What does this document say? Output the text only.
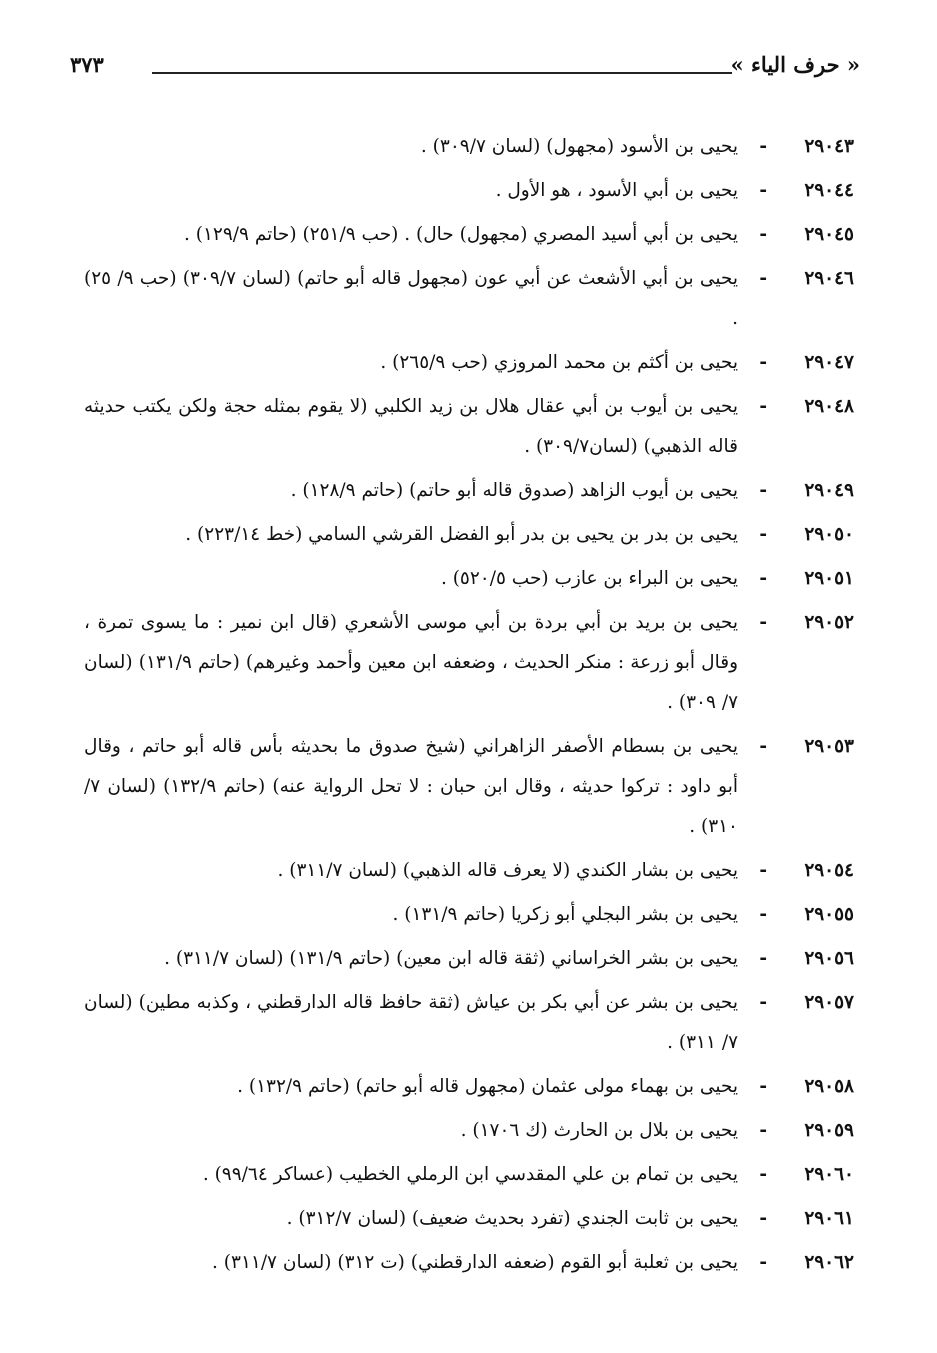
« حرف الياء »
٣٧٣
٢٩٠٤٣
-
يحيى بن الأسود (مجهول) (لسان ٣٠٩/٧) .
٢٩٠٤٤
-
يحيى بن أبي الأسود ، هو الأول .
٢٩٠٤٥
-
يحيى بن أبي أسيد المصري (مجهول) حال) . (حب ٢٥١/٩) (حاتم ١٢٩/٩) .
٢٩٠٤٦
-
يحيى بن أبي الأشعث عن أبي عون (مجهول قاله أبو حاتم) (لسان ٣٠٩/٧) (حب ٩/ ٢٥) .
٢٩٠٤٧
-
يحيى بن أكثم بن محمد المروزي (حب ٢٦٥/٩) .
٢٩٠٤٨
-
يحيى بن أيوب بن أبي عقال هلال بن زيد الكلبي (لا يقوم بمثله حجة ولكن يكتب حديثه قاله الذهبي) (لسان٣٠٩/٧) .
٢٩٠٤٩
-
يحيى بن أيوب الزاهد (صدوق قاله أبو حاتم) (حاتم ١٢٨/٩) .
٢٩٠٥٠
-
يحيى بن بدر بن يحيى بن بدر أبو الفضل القرشي السامي (خط ٢٢٣/١٤) .
٢٩٠٥١
-
يحيى بن البراء بن عازب (حب ٥٢٠/٥) .
٢٩٠٥٢
-
يحيى بن بريد بن أبي بردة بن أبي موسى الأشعري (قال ابن نمير : ما يسوى تمرة ، وقال أبو زرعة : منكر الحديث ، وضعفه ابن معين وأحمد وغيرهم) (حاتم ١٣١/٩) (لسان ٧/ ٣٠٩) .
٢٩٠٥٣
-
يحيى بن بسطام الأصفر الزاهراني (شيخ صدوق ما بحديثه بأس قاله أبو حاتم ، وقال أبو داود : تركوا حديثه ، وقال ابن حبان : لا تحل الرواية عنه) (حاتم ١٣٢/٩) (لسان ٧/ ٣١٠) .
٢٩٠٥٤
-
يحيى بن بشار الكندي (لا يعرف قاله الذهبي) (لسان ٣١١/٧) .
٢٩٠٥٥
-
يحيى بن بشر البجلي أبو زكريا (حاتم ١٣١/٩) .
٢٩٠٥٦
-
يحيى بن بشر الخراساني (ثقة قاله ابن معين) (حاتم ١٣١/٩) (لسان ٣١١/٧) .
٢٩٠٥٧
-
يحيى بن بشر عن أبي بكر بن عياش (ثقة حافظ قاله الدارقطني ، وكذبه مطين) (لسان ٧/ ٣١١) .
٢٩٠٥٨
-
يحيى بن بهماء مولى عثمان (مجهول قاله أبو حاتم) (حاتم ١٣٢/٩) .
٢٩٠٥٩
-
يحيى بن بلال بن الحارث (ك ١٧٠٦) .
٢٩٠٦٠
-
يحيى بن تمام بن علي المقدسي ابن الرملي الخطيب (عساكر ٩٩/٦٤) .
٢٩٠٦١
-
يحيى بن ثابت الجندي (تفرد بحديث ضعيف) (لسان ٣١٢/٧) .
٢٩٠٦٢
-
يحيى بن ثعلبة أبو القوم (ضعفه الدارقطني) (ت ٣١٢) (لسان ٣١١/٧) .
